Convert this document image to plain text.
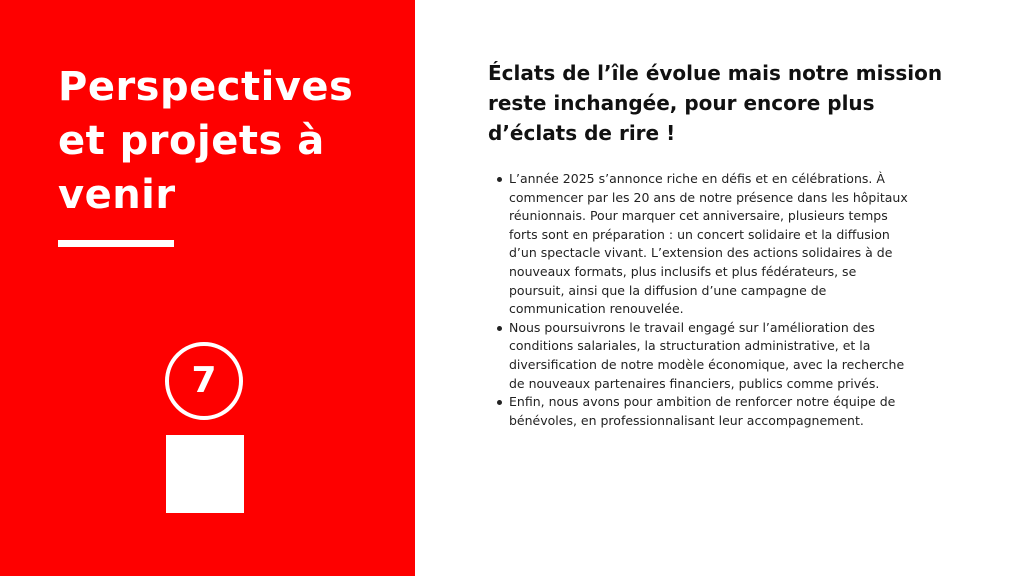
Perspectives et projets à venir
7
Éclats de l’île évolue mais notre mission reste inchangée, pour encore plus d’éclats de rire !
L’année 2025 s’annonce riche en défis et en célébrations. À commencer par les 20 ans de notre présence dans les hôpitaux réunionnais. Pour marquer cet anniversaire, plusieurs temps forts sont en préparation : un concert solidaire et la diffusion d’un spectacle vivant. L’extension des actions solidaires à de nouveaux formats, plus inclusifs et plus fédérateurs, se poursuit, ainsi que la diffusion d’une campagne de communication renouvelée.
Nous poursuivrons le travail engagé sur l’amélioration des conditions salariales, la structuration administrative, et la diversification de notre modèle économique, avec la recherche de nouveaux partenaires financiers, publics comme privés.
Enfin, nous avons pour ambition de renforcer notre équipe de bénévoles, en professionnalisant leur accompagnement.
